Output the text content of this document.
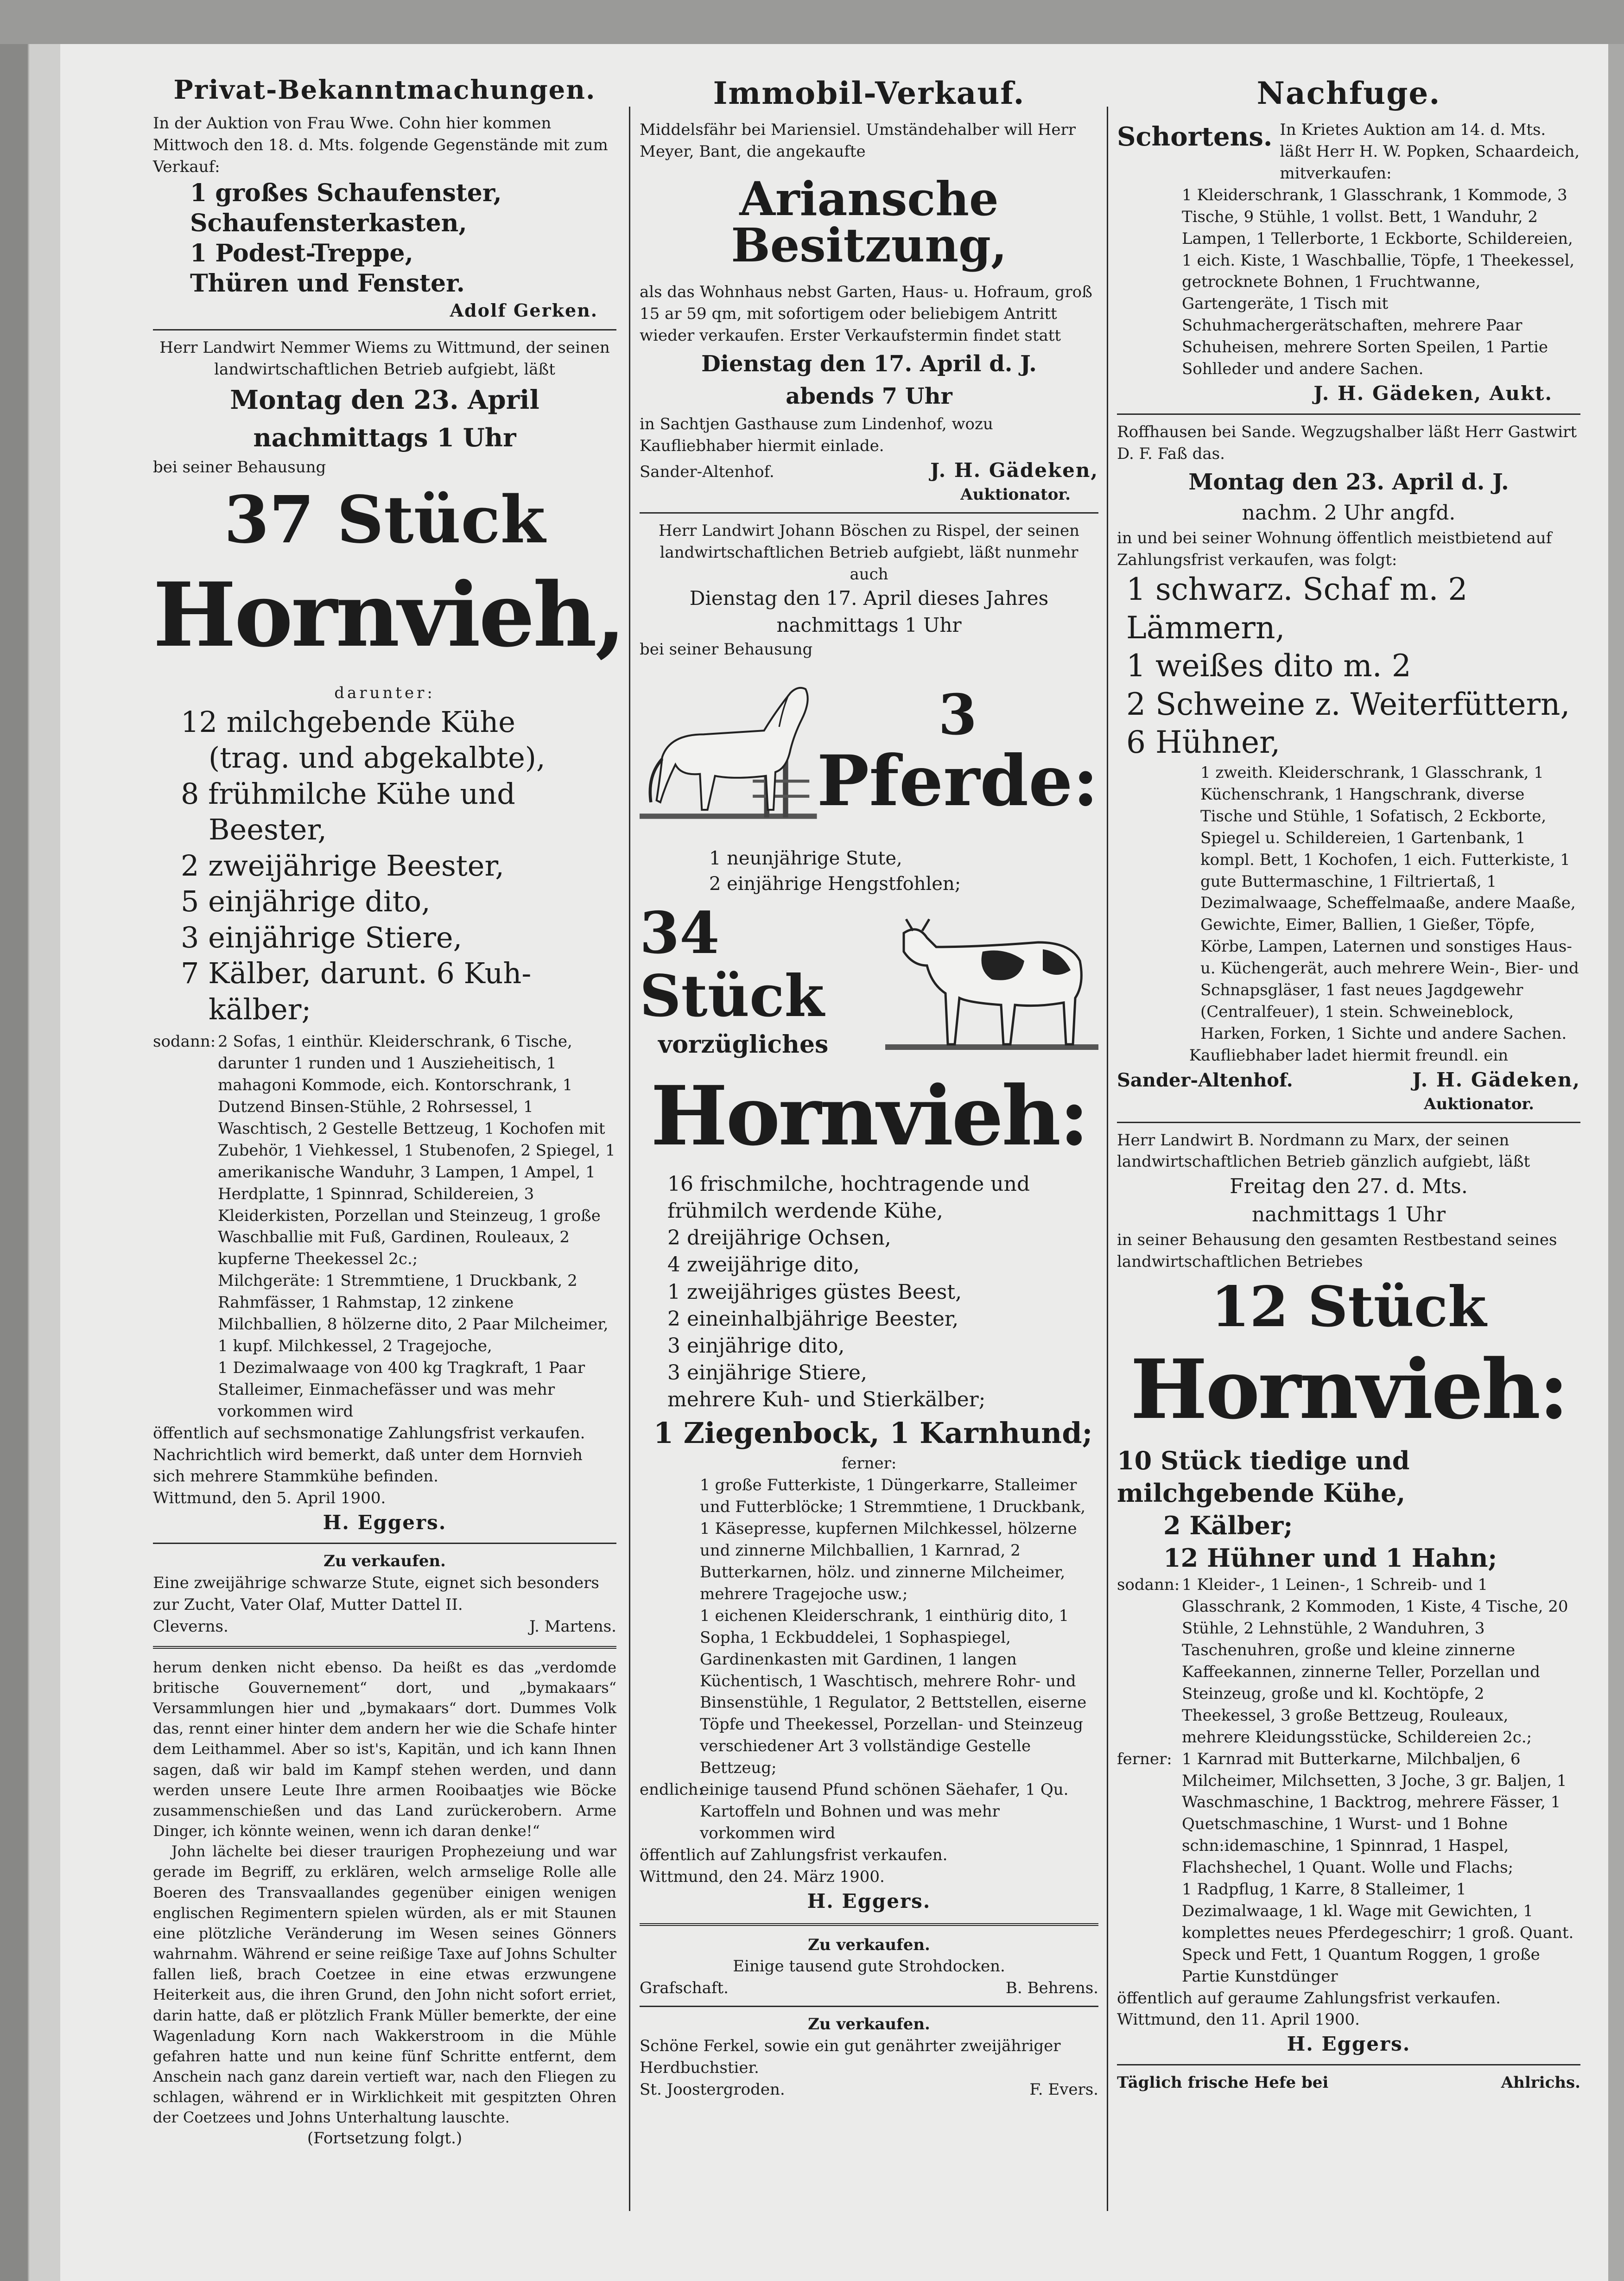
Privat-Bekanntmachungen.

In der Auktion von Frau Wwe. Cohn hier kommen Mittwoch den 18. d. Mts. folgende Gegenstände mit zum Verkauf:

1 großes Schaufenster,
Schaufensterkasten,
1 Podest-Treppe,
Thüren und Fenster.
Adolf Gerken.

Herr Landwirt Nemmer Wiems zu Wittmund, der seinen landwirtschaftlichen Betrieb aufgiebt, läßt

Montag den 23. April
nachmittags 1 Uhr

bei seiner Behausung

37 Stück
Hornvieh,
darunter:
12 milchgebende Kühe
(trag. und abgekalbte),
8 frühmilche Kühe und
Beester,
2 zweijährige Beester,
5 einjährige dito,
3 einjährige Stiere,
7 Kälber, darunt. 6 Kuh-
kälber;
sodann: 2 Sofas, 1 einthür. Kleiderschrank, 6 Tische, darunter 1 runden und 1 Auszieheitisch, 1 mahagoni Kommode, eich. Kontorschrank, 1 Dutzend Binsen-Stühle, 2 Rohrsessel, 1 Waschtisch, 2 Gestelle Bettzeug, 1 Kochofen mit Zubehör, 1 Viehkessel, 1 Stubenofen, 2 Spiegel, 1 amerikanische Wanduhr, 3 Lampen, 1 Ampel, 1 Herdplatte, 1 Spinnrad, Schildereien, 3 Kleiderkisten, Porzellan und Steinzeug, 1 große Waschballie mit Fuß, Gardinen, Rouleaux, 2 kupferne Theekessel 2c.;

Milchgeräte: 1 Stremmtiene, 1 Druckbank, 2 Rahmfässer, 1 Rahmstap, 12 zinkene Milchballien, 8 hölzerne dito, 2 Paar Milcheimer, 1 kupf. Milchkessel, 2 Tragejoche,

1 Dezimalwaage von 400 kg Tragkraft, 1 Paar Stalleimer, Einmachefässer und was mehr vorkommen wird

öffentlich auf sechsmonatige Zahlungsfrist verkaufen.

Nachrichtlich wird bemerkt, daß unter dem Hornvieh sich mehrere Stammkühe befinden.

Wittmund, den 5. April 1900.

H. Eggers.
Zu verkaufen.

Eine zweijährige schwarze Stute, eignet sich besonders zur Zucht, Vater Olaf, Mutter Dattel II.

Cleverns.	J. Martens.

herum denken nicht ebenso. Da heißt es das „verdomde britische Gouvernement“ dort, und „bymakaars“ Versammlungen hier und „bymakaars“ dort. Dummes Volk das, rennt einer hinter dem andern her wie die Schafe hinter dem Leithammel. Aber so ist's, Kapitän, und ich kann Ihnen sagen, daß wir bald im Kampf stehen werden, und dann werden unsere Leute Ihre armen Rooibaatjes wie Böcke zusammenschießen und das Land zurückerobern. Arme Dinger, ich könnte weinen, wenn ich daran denke!“

John lächelte bei dieser traurigen Prophezeiung und war gerade im Begriff, zu erklären, welch armselige Rolle alle Boeren des Transvaallandes gegenüber einigen wenigen englischen Regimentern spielen würden, als er mit Staunen eine plötzliche Veränderung im Wesen seines Gönners wahrnahm. Während er seine reißige Taxe auf Johns Schulter fallen ließ, brach Coetzee in eine etwas erzwungene Heiterkeit aus, die ihren Grund, den John nicht sofort erriet, darin hatte, daß er plötzlich Frank Müller bemerkte, der eine Wagenladung Korn nach Wakkerstroom in die Mühle gefahren hatte und nun keine fünf Schritte entfernt, dem Anschein nach ganz darein vertieft war, nach den Fliegen zu schlagen, während er in Wirklichkeit mit gespitzten Ohren der Coetzees und Johns Unterhaltung lauschte.

(Fortsetzung folgt.)
Immobil-Verkauf.

Middelsfähr bei Mariensiel. Umständehalber will Herr Meyer, Bant, die angekaufte

Ariansche Besitzung,

als das Wohnhaus nebst Garten, Haus- u. Hofraum, groß 15 ar 59 qm, mit sofortigem oder beliebigem Antritt wieder verkaufen. Erster Verkaufstermin findet statt

Dienstag den 17. April d. J.
abends 7 Uhr

in Sachtjen Gasthause zum Lindenhof, wozu Kaufliebhaber hiermit einlade.

Sander-Altenhof.	J. H. Gädeken,
Auktionator.

Herr Landwirt Johann Böschen zu Rispel, der seinen landwirtschaftlichen Betrieb aufgiebt, läßt nunmehr auch

Dienstag den 17. April dieses Jahres
nachmittags 1 Uhr

bei seiner Behausung

3
Pferde:
1 neunjährige Stute,
2 einjährige Hengstfohlen;
34 Stück
vorzügliches
Hornvieh:
16 frischmilche, hochtragende und frühmilch werdende Kühe,
2 dreijährige Ochsen,
4 zweijährige dito,
1 zweijähriges güstes Beest,
2 eineinhalbjährige Beester,
3 einjährige dito,
3 einjährige Stiere,
mehrere Kuh- und Stierkälber;
1 Ziegenbock, 1 Karnhund;
ferner:

1 große Futterkiste, 1 Düngerkarre, Stalleimer und Futterblöcke; 1 Stremmtiene, 1 Druckbank, 1 Käsepresse, kupfernen Milchkessel, hölzerne und zinnerne Milchballien, 1 Karnrad, 2 Butterkarnen, hölz. und zinnerne Milcheimer, mehrere Tragejoche usw.;

1 eichenen Kleiderschrank, 1 einthürig dito, 1 Sopha, 1 Eckbuddelei, 1 Sophaspiegel, Gardinenkasten mit Gardinen, 1 langen Küchentisch, 1 Waschtisch, mehrere Rohr- und Binsenstühle, 1 Regulator, 2 Bettstellen, eiserne Töpfe und Theekessel, Porzellan- und Steinzeug verschiedener Art 3 vollständige Gestelle Bettzeug;

endlich:
einige tausend Pfund schönen Säehafer, 1 Qu. Kartoffeln und Bohnen und was mehr vorkommen wird

öffentlich auf Zahlungsfrist verkaufen.

Wittmund, den 24. März 1900.

H. Eggers.
Zu verkaufen.

Einige tausend gute Strohdocken.

Grafschaft.	B. Behrens.
Zu verkaufen.

Schöne Ferkel, sowie ein gut genährter zweijähriger Herdbuchstier.

St. Joostergroden.	F. Evers.
Nachfuge.
Schortens. In Krietes Auktion am 14. d. Mts. läßt Herr H. W. Popken, Schaardeich, mitverkaufen:

1 Kleiderschrank, 1 Glasschrank, 1 Kommode, 3 Tische, 9 Stühle, 1 vollst. Bett, 1 Wanduhr, 2 Lampen, 1 Tellerborte, 1 Eckborte, Schildereien, 1 eich. Kiste, 1 Waschballie, Töpfe, 1 Theekessel, getrocknete Bohnen, 1 Fruchtwanne, Gartengeräte, 1 Tisch mit Schuhmachergerätschaften, mehrere Paar Schuheisen, mehrere Sorten Speilen, 1 Partie Sohlleder und andere Sachen.

J. H. Gädeken, Aukt.

Roffhausen bei Sande. Wegzugshalber läßt Herr Gastwirt D. F. Faß das.

Montag den 23. April d. J.
nachm. 2 Uhr angfd.

in und bei seiner Wohnung öffentlich meistbietend auf Zahlungsfrist verkaufen, was folgt:

1 schwarz. Schaf m. 2 Lämmern,
1 weißes dito m. 2
2 Schweine z. Weiterfüttern,
6 Hühner,

1 zweith. Kleiderschrank, 1 Glasschrank, 1 Küchenschrank, 1 Hangschrank, diverse Tische und Stühle, 1 Sofatisch, 2 Eckborte, Spiegel u. Schildereien, 1 Gartenbank, 1 kompl. Bett, 1 Kochofen, 1 eich. Futterkiste, 1 gute Buttermaschine, 1 Filtriertaß, 1 Dezimalwaage, Scheffelmaaße, andere Maaße, Gewichte, Eimer, Ballien, 1 Gießer, Töpfe, Körbe, Lampen, Laternen und sonstiges Haus- u. Küchengerät, auch mehrere Wein-, Bier- und Schnapsgläser, 1 fast neues Jagdgewehr (Centralfeuer), 1 stein. Schweineblock, Harken, Forken, 1 Sichte und andere Sachen.

Kaufliebhaber ladet hiermit freundl. ein

Sander-Altenhof.	J. H. Gädeken,
Auktionator.

Herr Landwirt B. Nordmann zu Marx, der seinen landwirtschaftlichen Betrieb gänzlich aufgiebt, läßt

Freitag den 27. d. Mts.
nachmittags 1 Uhr

in seiner Behausung den gesamten Restbestand seines landwirtschaftlichen Betriebes

12 Stück
Hornvieh:
10 Stück tiedige und milchgebende Kühe,
2 Kälber;
12 Hühner und 1 Hahn;
sodann: 1 Kleider-, 1 Leinen-, 1 Schreib- und 1 Glasschrank, 2 Kommoden, 1 Kiste, 4 Tische, 20 Stühle, 2 Lehnstühle, 2 Wanduhren, 3 Taschenuhren, große und kleine zinnerne Kaffeekannen, zinnerne Teller, Porzellan und Steinzeug, große und kl. Kochtöpfe, 2 Theekessel, 3 große Bettzeug, Rouleaux, mehrere Kleidungsstücke, Schildereien 2c.;
ferner: 1 Karnrad mit Butterkarne, Milchbaljen, 6 Milcheimer, Milchsetten, 3 Joche, 3 gr. Baljen, 1 Waschmaschine, 1 Backtrog, mehrere Fässer, 1 Quetschmaschine, 1 Wurst- und 1 Bohne schn:idemaschine, 1 Spinnrad, 1 Haspel, Flachshechel, 1 Quant. Wolle und Flachs;

1 Radpflug, 1 Karre, 8 Stalleimer, 1 Dezimalwaage, 1 kl. Wage mit Gewichten, 1 komplettes neues Pferdegeschirr; 1 groß. Quant. Speck und Fett, 1 Quantum Roggen, 1 große Partie Kunstdünger

öffentlich auf geraume Zahlungsfrist verkaufen.

Wittmund, den 11. April 1900.

H. Eggers.
Täglich frische Hefe bei	Ahlrichs.
